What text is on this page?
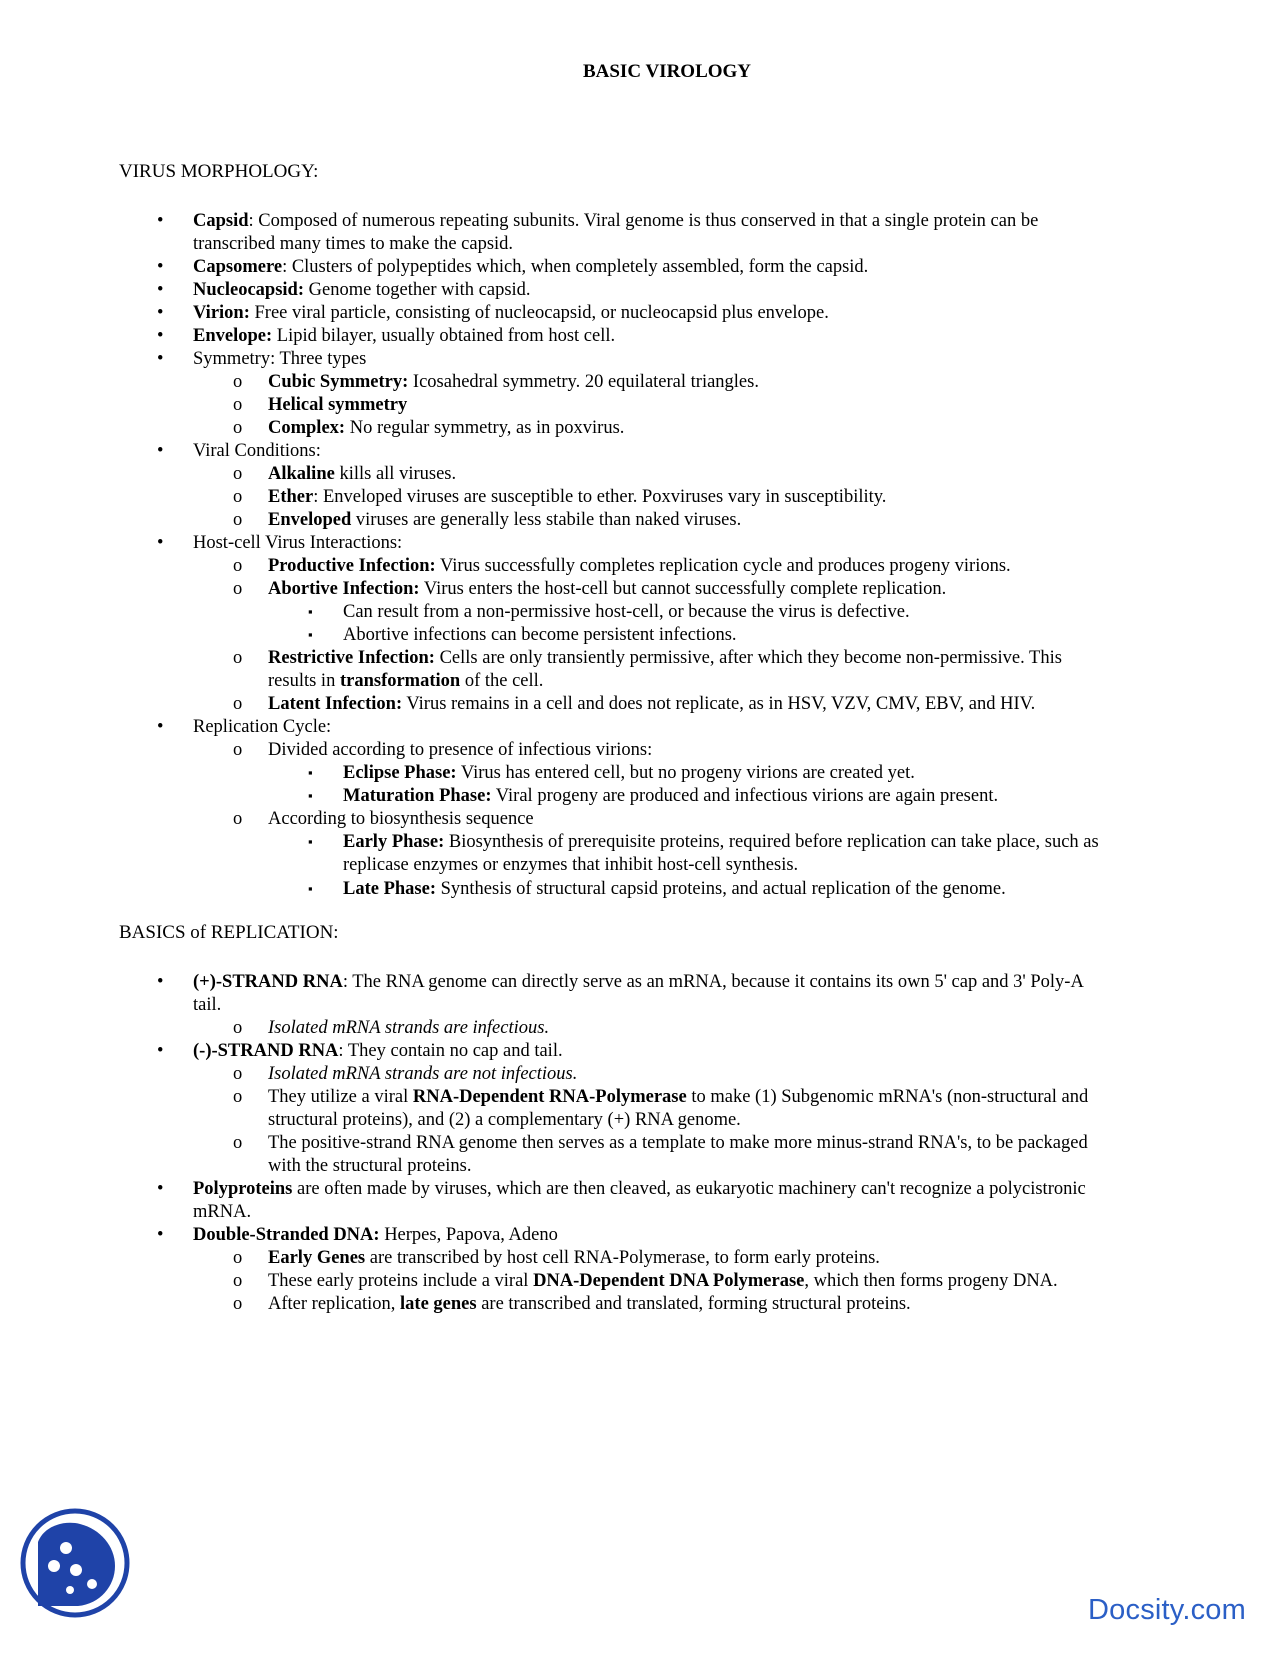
BASIC VIROLOGY
VIRUS MORPHOLOGY:
• Capsid: Composed of numerous repeating subunits. Viral genome is thus conserved in that a single protein can be
transcribed many times to make the capsid.
• Capsomere: Clusters of polypeptides which, when completely assembled, form the capsid.
• Nucleocapsid: Genome together with capsid.
• Virion: Free viral particle, consisting of nucleocapsid, or nucleocapsid plus envelope.
• Envelope: Lipid bilayer, usually obtained from host cell.
• Symmetry: Three types
o Cubic Symmetry: Icosahedral symmetry. 20 equilateral triangles.
o Helical symmetry
o Complex: No regular symmetry, as in poxvirus.
• Viral Conditions:
o Alkaline kills all viruses.
o Ether: Enveloped viruses are susceptible to ether. Poxviruses vary in susceptibility.
o Enveloped viruses are generally less stabile than naked viruses.
• Host-cell Virus Interactions:
o Productive Infection: Virus successfully completes replication cycle and produces progeny virions.
o Abortive Infection: Virus enters the host-cell but cannot successfully complete replication.
▪ Can result from a non-permissive host-cell, or because the virus is defective.
▪ Abortive infections can become persistent infections.
o Restrictive Infection: Cells are only transiently permissive, after which they become non-permissive. This
results in transformation of the cell.
o Latent Infection: Virus remains in a cell and does not replicate, as in HSV, VZV, CMV, EBV, and HIV.
• Replication Cycle:
o Divided according to presence of infectious virions:
▪ Eclipse Phase: Virus has entered cell, but no progeny virions are created yet.
▪ Maturation Phase: Viral progeny are produced and infectious virions are again present.
o According to biosynthesis sequence
▪ Early Phase: Biosynthesis of prerequisite proteins, required before replication can take place, such as
replicase enzymes or enzymes that inhibit host-cell synthesis.
▪ Late Phase: Synthesis of structural capsid proteins, and actual replication of the genome.
BASICS of REPLICATION:
• (+)-STRAND RNA: The RNA genome can directly serve as an mRNA, because it contains its own 5' cap and 3' Poly-A
tail.
o Isolated mRNA strands are infectious.
• (-)-STRAND RNA: They contain no cap and tail.
o Isolated mRNA strands are not infectious.
o They utilize a viral RNA-Dependent RNA-Polymerase to make (1) Subgenomic mRNA's (non-structural and
structural proteins), and (2) a complementary (+) RNA genome.
o The positive-strand RNA genome then serves as a template to make more minus-strand RNA's, to be packaged
with the structural proteins.
• Polyproteins are often made by viruses, which are then cleaved, as eukaryotic machinery can't recognize a polycistronic
mRNA.
• Double-Stranded DNA: Herpes, Papova, Adeno
o Early Genes are transcribed by host cell RNA-Polymerase, to form early proteins.
o These early proteins include a viral DNA-Dependent DNA Polymerase, which then forms progeny DNA.
o After replication, late genes are transcribed and translated, forming structural proteins.
Docsity.com
